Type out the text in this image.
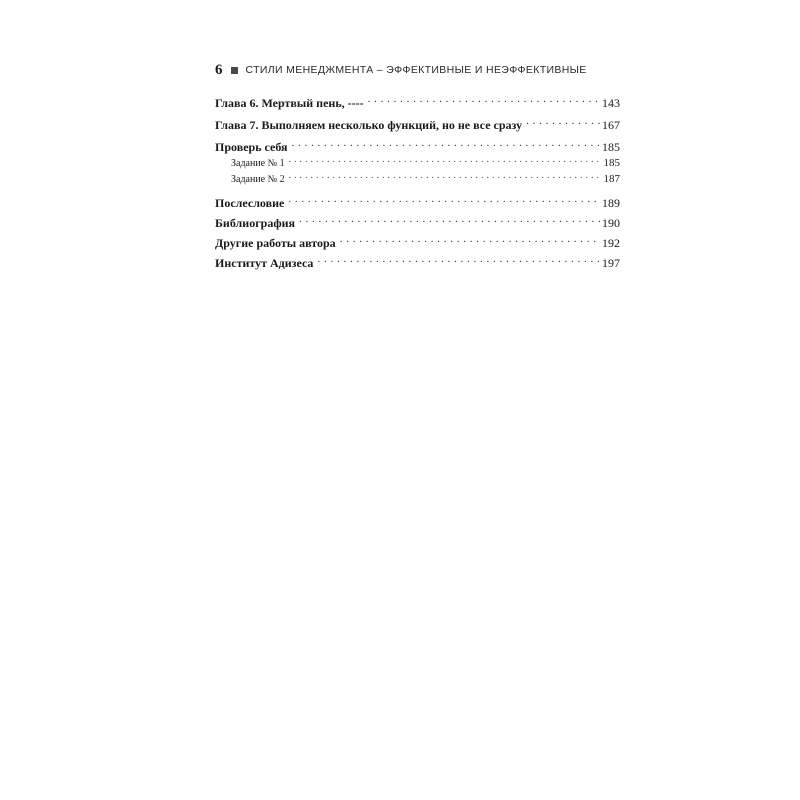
6 СТИЛИ МЕНЕДЖМЕНТА – ЭФФЕКТИВНЫЕ И НЕЭФФЕКТИВНЫЕ
Глава 6. Мертвый пень, ---- . . .	143
Глава 7. Выполняем несколько функций, но не все сразу . . .	167
Проверь себя . . .	185
Задание № 1 . . .	185
Задание № 2 . . .	187
Послесловие . . .	189
Библиография . . .	190
Другие работы автора . . .	192
Институт Адизеса . . .	197
